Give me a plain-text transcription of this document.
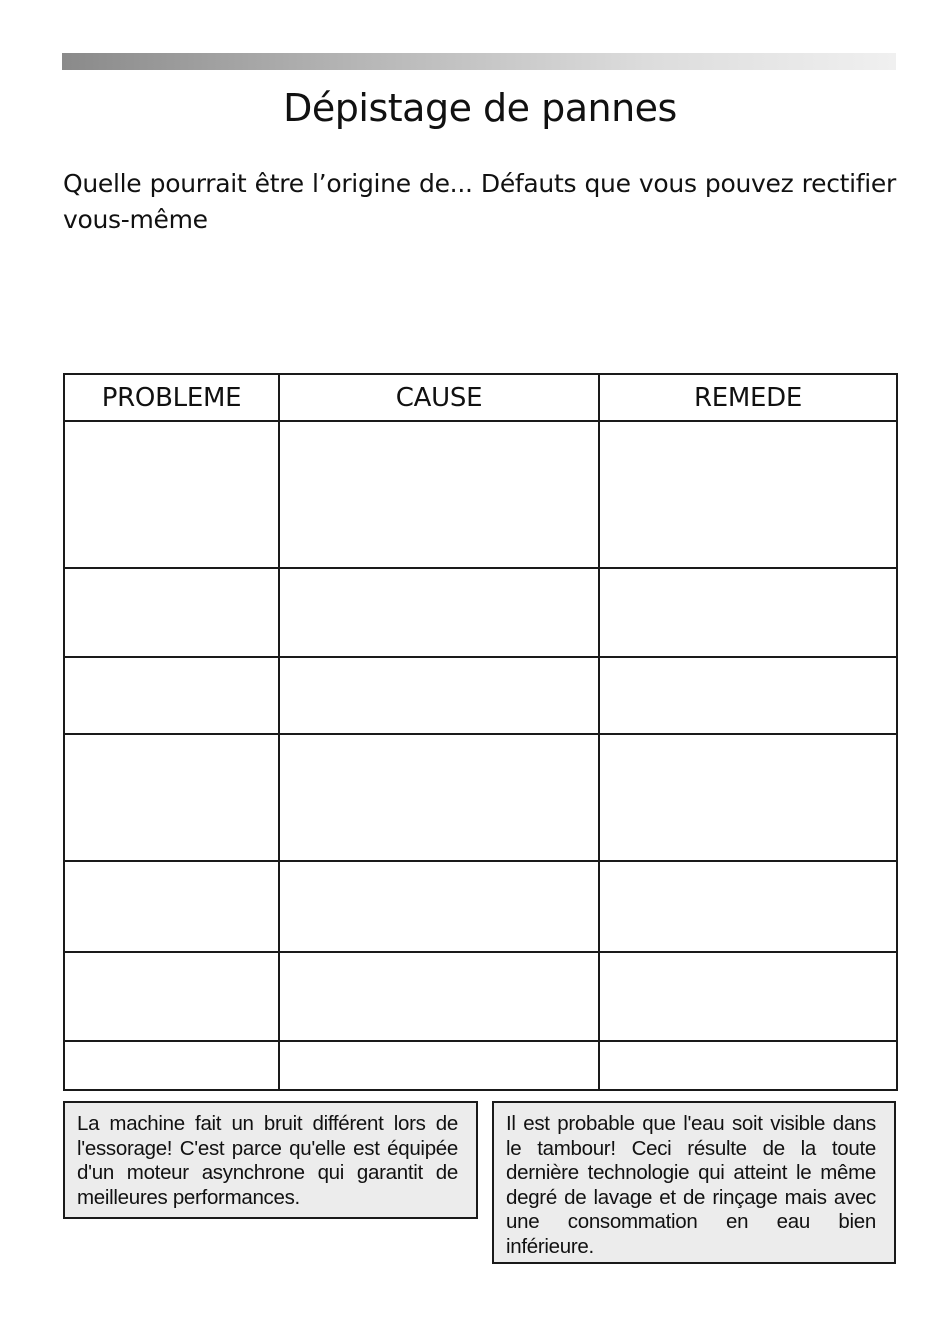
Dépistage de pannes

Quelle pourrait être l’origine de... Défauts que vous pouvez rectifier vous-même

PROBLEME	CAUSE	REMEDE

La machine fait un bruit différent lors de l'essorage! C'est parce qu'elle est équipée d'un moteur asynchrone qui garantit de meilleures performances.

Il est probable que l'eau soit visible dans le tambour! Ceci résulte de la toute dernière technologie qui atteint le même degré de lavage et de rinçage mais avec une consommation en eau bien inférieure.
